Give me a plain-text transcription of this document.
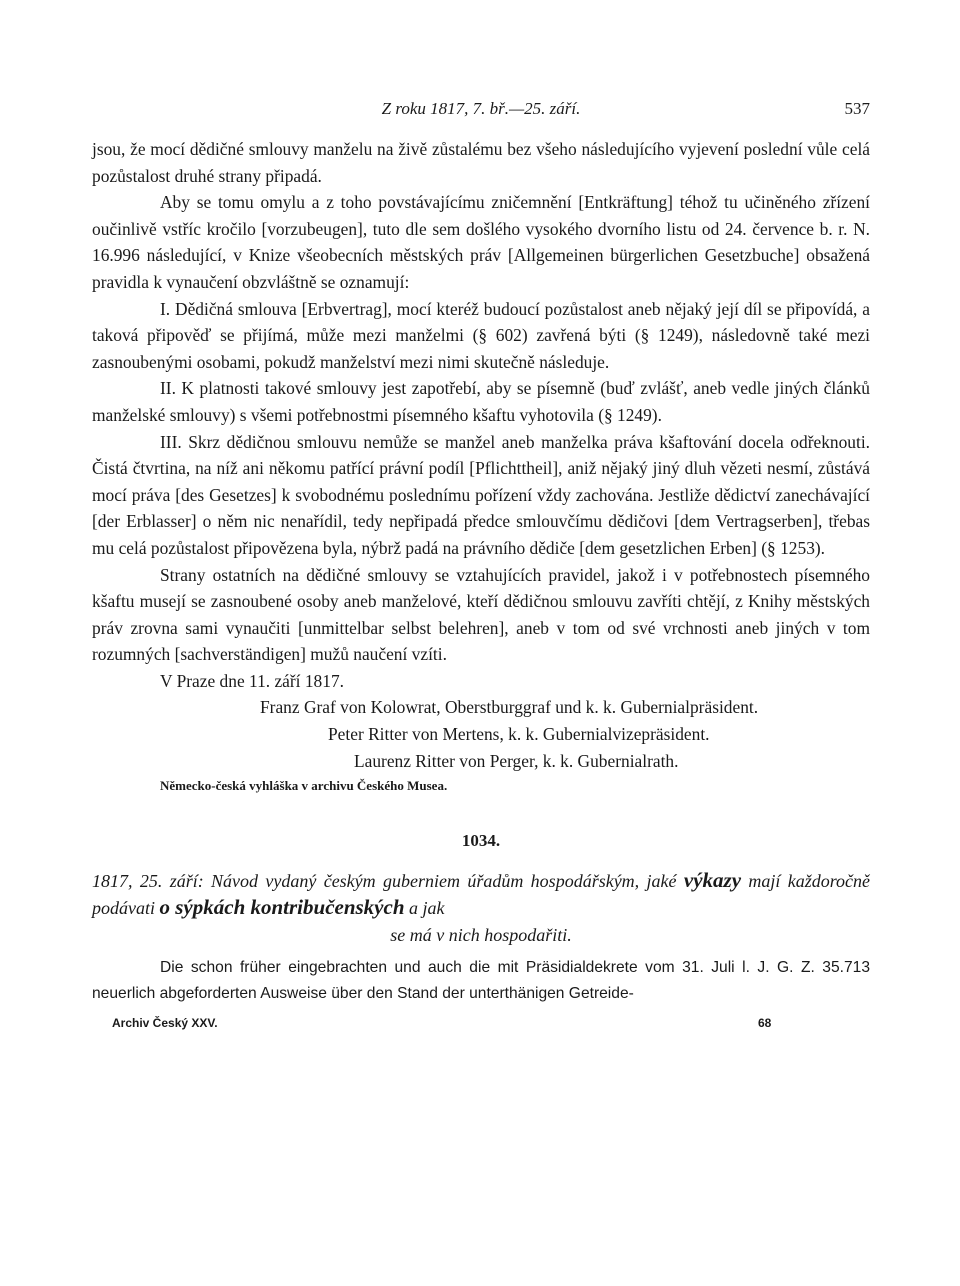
Z roku 1817, 7. bř.—25. září.	537

jsou, že mocí dědičné smlouvy manželu na živě zůstalému bez všeho následujícího vyjevení poslední vůle celá pozůstalost druhé strany připadá.

Aby se tomu omylu a z toho povstávajícímu zničemnění [Entkräftung] téhož tu učiněného zřízení oučinlivě vstříc kročilo [vorzubeugen], tuto dle sem došlého vysokého dvorního listu od 24. července b. r. N. 16.996 následující, v Knize všeobecních městských práv [Allgemeinen bürgerlichen Gesetzbuche] obsažená pravidla k vynaučení obzvláštně se oznamují:

I. Dědičná smlouva [Erbvertrag], mocí kteréž budoucí pozůstalost aneb nějaký její díl se připovídá, a taková připověď se přijímá, může mezi manželmi (§ 602) zavřená býti (§ 1249), následovně také mezi zasnoubenými osobami, pokudž manželství mezi nimi skutečně následuje.

II. K platnosti takové smlouvy jest zapotřebí, aby se písemně (buď zvlášť, aneb vedle jiných článků manželské smlouvy) s všemi potřebnostmi písemného kšaftu vyhotovila (§ 1249).

III. Skrz dědičnou smlouvu nemůže se manžel aneb manželka práva kšaftování docela odřeknouti. Čistá čtvrtina, na níž ani někomu patřící právní podíl [Pflichttheil], aniž nějaký jiný dluh vězeti nesmí, zůstává mocí práva [des Gesetzes] k svobodnému poslednímu pořízení vždy zachována. Jestliže dědictví zanechávající [der Erblasser] o něm nic nenařídil, tedy nepřipadá předce smlouvčímu dědičovi [dem Vertragserben], třebas mu celá pozůstalost připovězena byla, nýbrž padá na právního dědiče [dem gesetzlichen Erben] (§ 1253).

Strany ostatních na dědičné smlouvy se vztahujících pravidel, jakož i v potřebnostech písemného kšaftu musejí se zasnoubené osoby aneb manželové, kteří dědičnou smlouvu zavříti chtějí, z Knihy městských práv zrovna sami vynaučiti [unmittelbar selbst belehren], aneb v tom od své vrchnosti aneb jiných v tom rozumných [sachverständigen] mužů naučení vzíti.

V Praze dne 11. září 1817.

Franz Graf von Kolowrat, Oberstburggraf und k. k. Gubernialpräsident.
Peter Ritter von Mertens, k. k. Gubernialvizepräsident.
Laurenz Ritter von Perger, k. k. Gubernialrath.
Německo-česká vyhláška v archivu Českého Musea.
1034.
1817, 25. září: Návod vydaný českým guberniem úřadům hospodářským, jaké výkazy mají každoročně podávati o sýpkách kontribučenských a jak
se má v nich hospodařiti.

Die schon früher eingebrachten und auch die mit Präsidialdekrete vom 31. Juli l. J. G. Z. 35.713 neuerlich abgeforderten Ausweise über den Stand der unterthänigen Getreide-

Archiv Český XXV.	68
